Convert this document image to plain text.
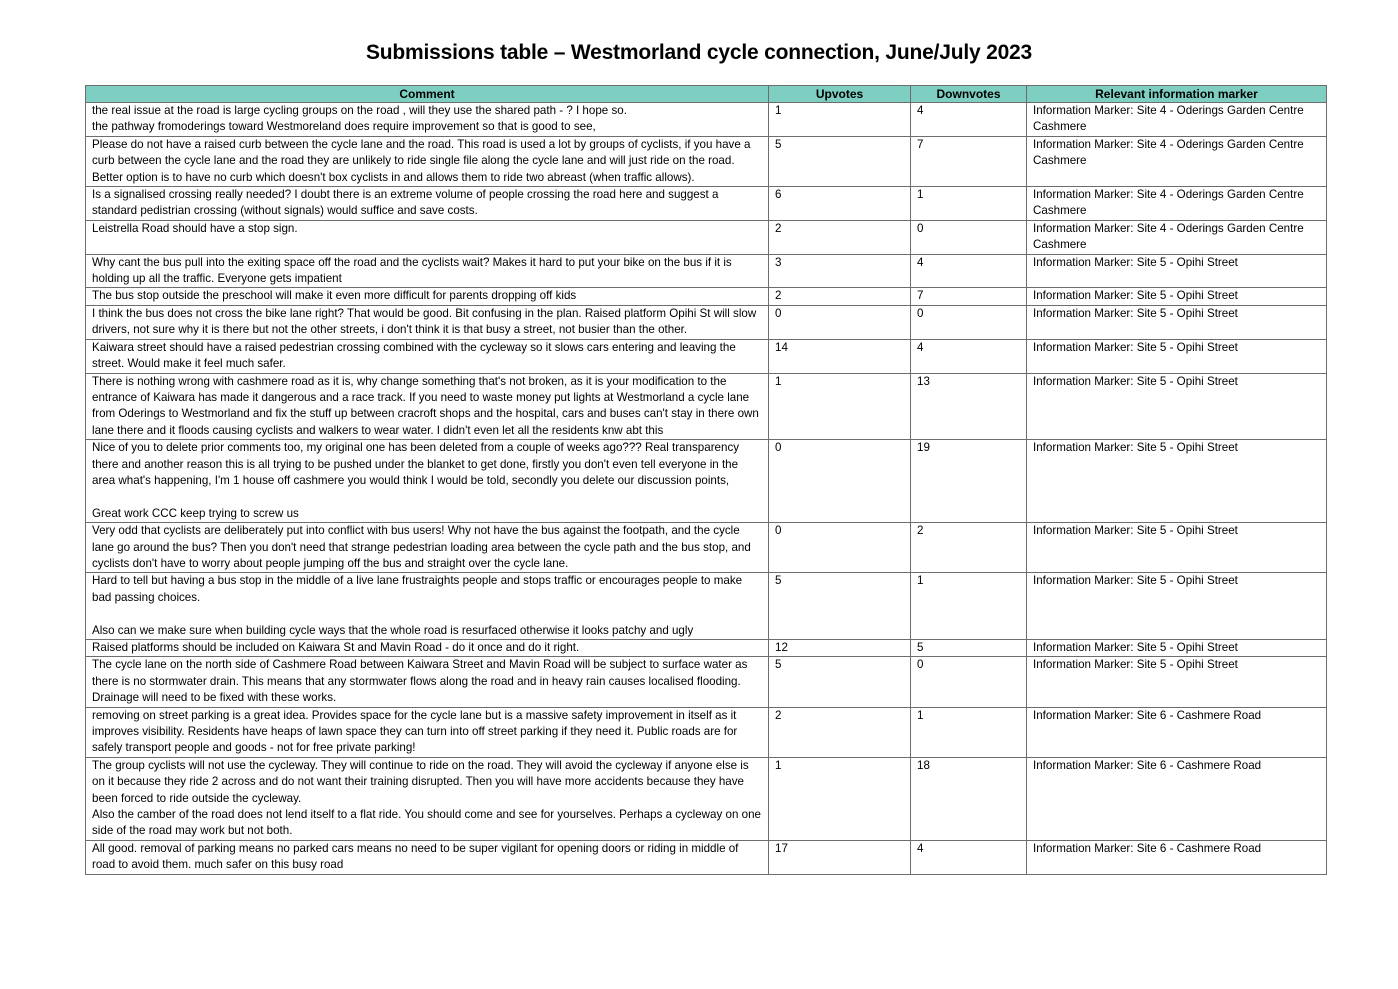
Submissions table – Westmorland cycle connection, June/July 2023
Comment	Upvotes	Downvotes	Relevant information marker
the real issue at the road is large cycling groups on the road , will they use the shared path - ? I hope so.
the pathway fromoderings toward Westmoreland does require improvement so that is good to see,	1	4	Information Marker: Site 4 - Oderings Garden Centre Cashmere
Please do not have a raised curb between the cycle lane and the road. This road is used a lot by groups of cyclists, if you have a curb between the cycle lane and the road they are unlikely to ride single file along the cycle lane and will just ride on the road. Better option is to have no curb which doesn't box cyclists in and allows them to ride two abreast (when traffic allows).	5	7	Information Marker: Site 4 - Oderings Garden Centre Cashmere
Is a signalised crossing really needed? I doubt there is an extreme volume of people crossing the road here and suggest a standard pedistrian crossing (without signals) would suffice and save costs.	6	1	Information Marker: Site 4 - Oderings Garden Centre Cashmere
Leistrella Road should have a stop sign.	2	0	Information Marker: Site 4 - Oderings Garden Centre Cashmere
Why cant the bus pull into the exiting space off the road and the cyclists wait? Makes it hard to put your bike on the bus if it is holding up all the traffic. Everyone gets impatient	3	4	Information Marker: Site 5 - Opihi Street
The bus stop outside the preschool will make it even more difficult for parents dropping off kids	2	7	Information Marker: Site 5 - Opihi Street
I think the bus does not cross the bike lane right? That would be good. Bit confusing in the plan. Raised platform Opihi St will slow drivers, not sure why it is there but not the other streets, i don't think it is that busy a street, not busier than the other.	0	0	Information Marker: Site 5 - Opihi Street
Kaiwara street should have a raised pedestrian crossing combined with the cycleway so it slows cars entering and leaving the street. Would make it feel much safer.	14	4	Information Marker: Site 5 - Opihi Street
There is nothing wrong with cashmere road as it is, why change something that's not broken, as it is your modification to the entrance of Kaiwara has made it dangerous and a race track. If you need to waste money put lights at Westmorland a cycle lane from Oderings to Westmorland and fix the stuff up between cracroft shops and the hospital, cars and buses can't stay in there own lane there and it floods causing cyclists and walkers to wear water. I didn't even let all the residents knw abt this	1	13	Information Marker: Site 5 - Opihi Street
Nice of you to delete prior comments too, my original one has been deleted from a couple of weeks ago??? Real transparency there and another reason this is all trying to be pushed under the blanket to get done, firstly you don't even tell everyone in the area what's happening, I'm 1 house off cashmere you would think I would be told, secondly you delete our discussion points,

Great work CCC keep trying to screw us	0	19	Information Marker: Site 5 - Opihi Street
Very odd that cyclists are deliberately put into conflict with bus users! Why not have the bus against the footpath, and the cycle lane go around the bus? Then you don't need that strange pedestrian loading area between the cycle path and the bus stop, and cyclists don't have to worry about people jumping off the bus and straight over the cycle lane.	0	2	Information Marker: Site 5 - Opihi Street
Hard to tell but having a bus stop in the middle of a live lane frustraights people and stops traffic or encourages people to make bad passing choices.

Also can we make sure when building cycle ways that the whole road is resurfaced otherwise it looks patchy and ugly	5	1	Information Marker: Site 5 - Opihi Street
Raised platforms should be included on Kaiwara St and Mavin Road - do it once and do it right.	12	5	Information Marker: Site 5 - Opihi Street
The cycle lane on the north side of Cashmere Road between Kaiwara Street and Mavin Road will be subject to surface water as there is no stormwater drain. This means that any stormwater flows along the road and in heavy rain causes localised flooding. Drainage will need to be fixed with these works.	5	0	Information Marker: Site 5 - Opihi Street
removing on street parking is a great idea. Provides space for the cycle lane but is a massive safety improvement in itself as it improves visibility. Residents have heaps of lawn space they can turn into off street parking if they need it. Public roads are for safely transport people and goods - not for free private parking!	2	1	Information Marker: Site 6 - Cashmere Road
The group cyclists will not use the cycleway. They will continue to ride on the road. They will avoid the cycleway if anyone else is on it because they ride 2 across and do not want their training disrupted. Then you will have more accidents because they have been forced to ride outside the cycleway.
Also the camber of the road does not lend itself to a flat ride. You should come and see for yourselves. Perhaps a cycleway on one side of the road may work but not both.	1	18	Information Marker: Site 6 - Cashmere Road
All good. removal of parking means no parked cars means no need to be super vigilant for opening doors or riding in middle of road to avoid them. much safer on this busy road	17	4	Information Marker: Site 6 - Cashmere Road
